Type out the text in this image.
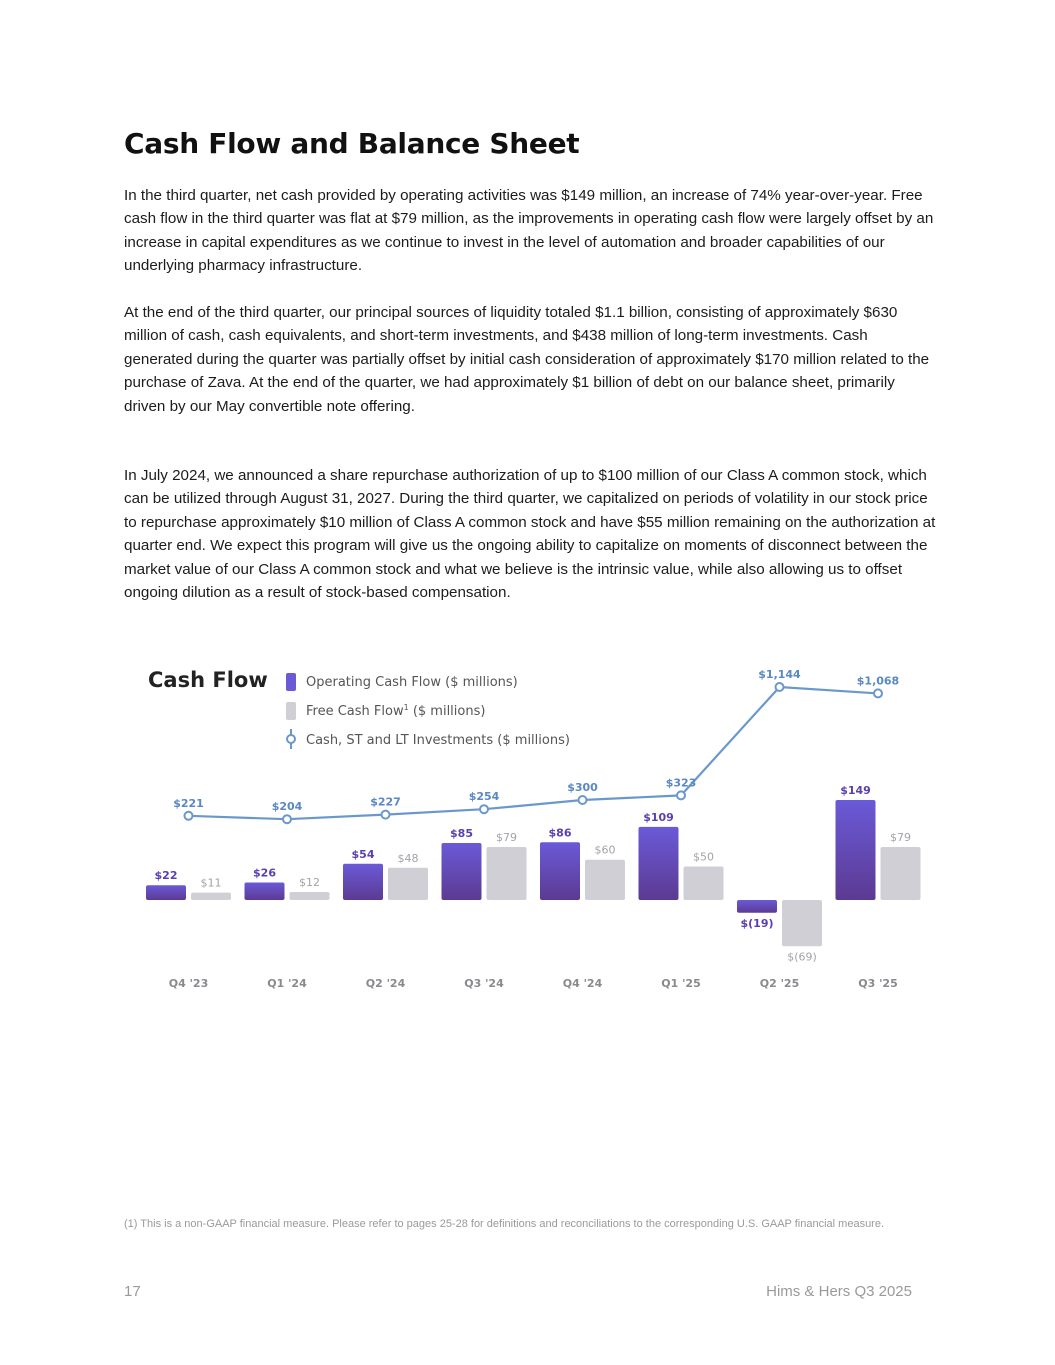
Cash Flow and Balance Sheet

In the third quarter, net cash provided by operating activities was $149 million, an increase of 74% year-over-year. Free cash flow in the third quarter was flat at $79 million, as the improvements in operating cash flow were largely offset by an increase in capital expenditures as we continue to invest in the level of automation and broader capabilities of our underlying pharmacy infrastructure.

At the end of the third quarter, our principal sources of liquidity totaled $1.1 billion, consisting of approximately $630 million of cash, cash equivalents, and short-term investments, and $438 million of long-term investments. Cash generated during the quarter was partially offset by initial cash consideration of approximately $170 million related to the purchase of Zava. At the end of the quarter, we had approximately $1 billion of debt on our balance sheet, primarily driven by our May convertible note offering.

In July 2024, we announced a share repurchase authorization of up to $100 million of our Class A common stock, which can be utilized through August 31, 2027. During the third quarter, we capitalized on periods of volatility in our stock price to repurchase approximately $10 million of Class A common stock and have $55 million remaining on the authorization at quarter end. We expect this program will give us the ongoing ability to capitalize on moments of disconnect between the market value of our Class A common stock and what we believe is the intrinsic value, while also allowing us to offset ongoing dilution as a result of stock-based compensation.

Cash Flow	Operating Cash Flow ($ millions)
Free Cash Flow$^1$ ($ millions)
Cash, ST and LT Investments ($ millions)
$22
$11
$26
$12
$54 $48
$85 $79	$86
$60
$109
$50
$(19)
$(69)
$149
$79
$221	$204	$227	$254
$300	$323
$1,144	$1,068
Q4 '23	Q1 '24	Q2 '24	Q3 '24	Q4 '24	Q1 '25	Q2 '25	Q3 '25

(1) This is a non-GAAP financial measure. Please refer to pages 25-28 for definitions and reconciliations to the corresponding U.S. GAAP financial measure.

17	Hims & Hers Q3 2025
